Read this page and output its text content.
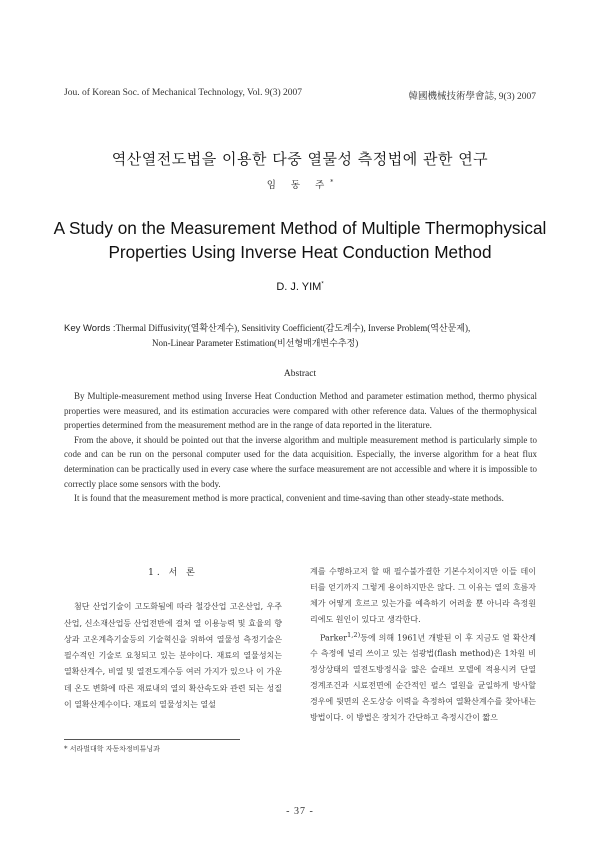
Jou. of Korean Soc. of Mechanical Technology, Vol. 9(3) 2007	韓國機械技術學會誌, 9(3) 2007
역산열전도법을 이용한 다중 열물성 측정법에 관한 연구
임 동 주*
A Study on the Measurement Method of Multiple Thermophysical Properties Using Inverse Heat Conduction Method
D. J. YIM*
Key Words :Thermal Diffusivity(열확산계수), Sensitivity Coefficient(감도계수), Inverse Problem(역산문제),
Non-Linear Parameter Estimation(비선형매개변수추정)
Abstract

By Multiple-measurement method using Inverse Heat Conduction Method and parameter estimation method, thermo physical properties were measured, and its estimation accuracies were compared with other reference data. Values of the thermophysical properties determined from the measurement method are in the range of data reported in the literature.

From the above, it should be pointed out that the inverse algorithm and multiple measurement method is particularly simple to code and can be run on the personal computer used for the data acquisition. Especially, the inverse algorithm for a heat flux determination can be practically used in every case where the surface measurement are not accessible and where it is impossible to correctly place some sensors with the body.

It is found that the measurement method is more practical, convenient and time-saving than other steady-state methods.

1. 서 론

첨단 산업기술이 고도화됨에 따라 철강산업 고온산업, 우주산업, 신소재산업등 산업전반에 걸쳐 열 이용능력 및 효율의 향상과 고온계측기술등의 기술혁신을 위하여 열물성 측정기술은 필수적인 기술로 요청되고 있는 분야이다. 재료의 열물성치는 열확산계수, 비열 및 열전도계수등 여러 가지가 있으나 이 가운데 온도 변화에 따른 재료내의 열의 확산속도와 관련 되는 성질이 열확산계수이다. 재료의 열물성치는 열설

계를 수행하고저 할 때 필수불가결한 기본수치이지만 이들 데이터를 얻기까지 그렇게 용이하지만은 않다. 그 이유는 열의 흐름자체가 어떻게 흐르고 있는가를 예측하기 어려울 뿐 아니라 측정원리에도 원인이 있다고 생각한다.

Parker$^{1,2)}$등에 의해 1961년 개발된 이 후 지금도 열 확산계수 측정에 널리 쓰이고 있는 섬광법(flash method)은 1차원 비정상상태의 열전도방정식을 얇은 슬래브 모델에 적용시켜 단열 경계조건과 시료전면에 순간적인 펄스 열원을 균일하게 방사할 경우에 뒷면의 온도상승 이력을 측정하여 열확산계수를 찾아내는 방법이다. 이 방법은 장치가 간단하고 측정시간이 짧으

* 서라벌대학 자동차정비튜닝과
- 37 -
